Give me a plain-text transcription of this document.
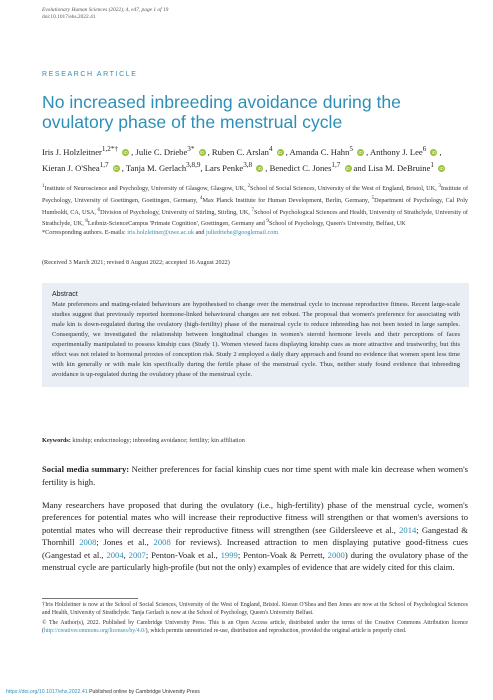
Evolutionary Human Sciences (2022), 4, e47, page 1 of 19
doi:10.1017/ehs.2022.41
RESEARCH ARTICLE
No increased inbreeding avoidance during the ovulatory phase of the menstrual cycle
Iris J. Holzleitner$^{1,2*\dagger}$ iD , Julie C. Driebe$^{3*}$ iD , Ruben C. Arslan$^4$ iD , Amanda C. Hahn$^5$ iD , Anthony J. Lee$^6$ iD , Kieran J. O'Shea$^{1,7}$ iD , Tanja M. Gerlach$^{3,8,9}$, Lars Penke$^{3,8}$ iD , Benedict C. Jones$^{1,7}$ iD and Lisa M. DeBruine$^1$ iD
$^1$Institute of Neuroscience and Psychology, University of Glasgow, Glasgow, UK, $^2$School of Social Sciences, University of the West of England, Bristol, UK, $^3$Institute of Psychology, University of Goettingen, Goettingen, Germany, $^4$Max Planck Institute for Human Development, Berlin, Germany, $^5$Department of Psychology, Cal Poly Humboldt, CA, USA, $^6$Division of Psychology, University of Stirling, Stirling, UK, $^7$School of Psychological Sciences and Health, University of Strathclyde, University of Strathclyde, UK, $^8$Leibniz-ScienceCampus 'Primate Cognition', Goettingen, Germany and $^9$School of Psychology, Queen's University, Belfast, UK
*Corresponding authors. E-mails: iris.holzleitner@uwe.ac.uk and juliedriebe@googlemail.com
(Received 3 March 2021; revised 8 August 2022; accepted 16 August 2022)
Abstract
Mate preferences and mating-related behaviours are hypothesised to change over the menstrual cycle to increase reproductive fitness. Recent large-scale studies suggest that previously reported hormone-linked behavioural changes are not robust. The proposal that women's preference for associating with male kin is down-regulated during the ovulatory (high-fertility) phase of the menstrual cycle to reduce inbreeding has not been tested in large samples. Consequently, we investigated the relationship between longitudinal changes in women's steroid hormone levels and their perceptions of faces experimentally manipulated to possess kinship cues (Study 1). Women viewed faces displaying kinship cues as more attractive and trustworthy, but this effect was not related to hormonal proxies of conception risk. Study 2 employed a daily diary approach and found no evidence that women spent less time with kin generally or with male kin specifically during the fertile phase of the menstrual cycle. Thus, neither study found evidence that inbreeding avoidance is up-regulated during the ovulatory phase of the menstrual cycle.
Keywords: kinship; endocrinology; inbreeding avoidance; fertility; kin affiliation
Social media summary: Neither preferences for facial kinship cues nor time spent with male kin decrease when women's fertility is high.
Many researchers have proposed that during the ovulatory (i.e., high-fertility) phase of the menstrual cycle, women's preferences for potential mates who will increase their reproductive fitness will strengthen or that women's aversions to potential mates who will decrease their reproductive fitness will strengthen (see Gildersleeve et al., 2014; Gangestad & Thornhill 2008; Jones et al., 2008 for reviews). Increased attraction to men displaying putative good-fitness cues (Gangestad et al., 2004, 2007; Penton-Voak et al., 1999; Penton-Voak & Perrett, 2000) during the ovulatory phase of the menstrual cycle are particularly high-profile (but not the only) examples of evidence that are widely cited for this claim.

†Iris Holzleitner is now at the School of Social Sciences, University of the West of England, Bristol. Kieran O'Shea and Ben Jones are now at the School of Psychological Sciences and Health, University of Strathclyde. Tanja Gerlach is now at the School of Psychology, Queen's University Belfast.

© The Author(s), 2022. Published by Cambridge University Press. This is an Open Access article, distributed under the terms of the Creative Commons Attribution licence (http://creativecommons.org/licenses/by/4.0/), which permits unrestricted re-use, distribution and reproduction, provided the original article is properly cited.

https://doi.org/10.1017/ehs.2022.41 Published online by Cambridge University Press
